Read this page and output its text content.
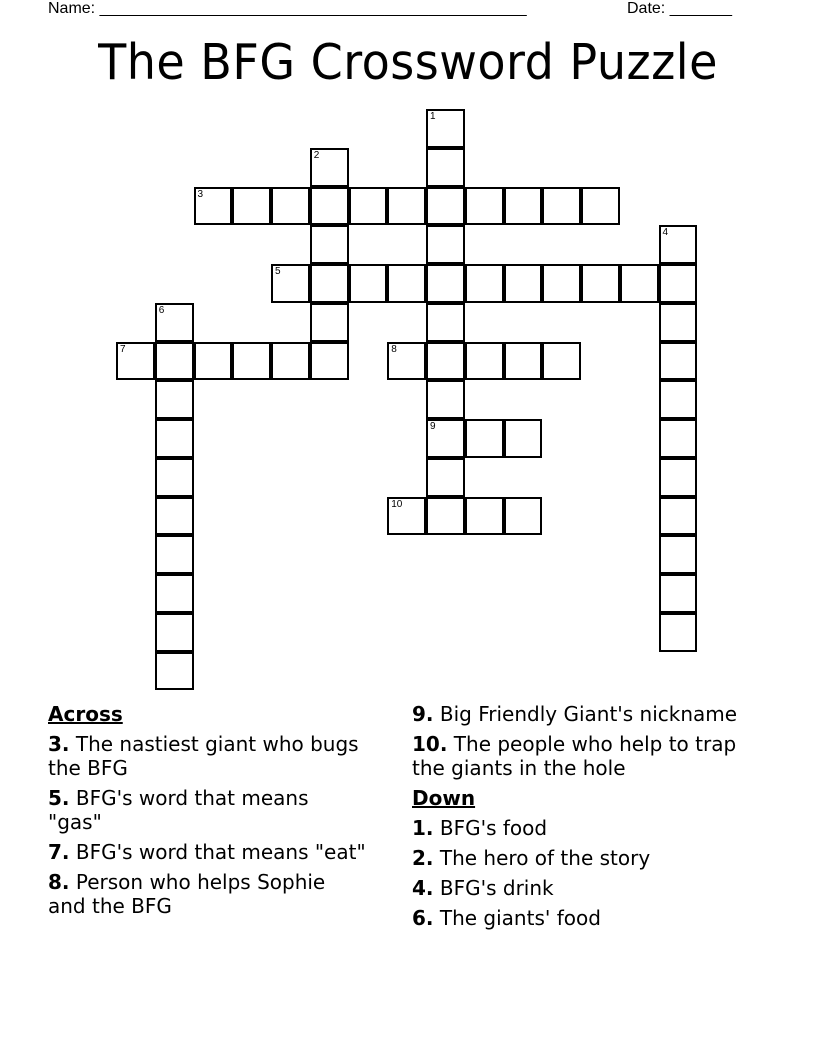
Name: ________________________________________________	Date: _______
The BFG Crossword Puzzle
1
9
2
3
4
5
6
7	8
10
Across
3. The nastiest giant who bugs the BFG
5. BFG's word that means "gas"
7. BFG's word that means "eat"
8. Person who helps Sophie and the BFG
9. Big Friendly Giant's nickname
10. The people who help to trap the giants in the hole
Down
1. BFG's food
2. The hero of the story
4. BFG's drink
6. The giants' food
